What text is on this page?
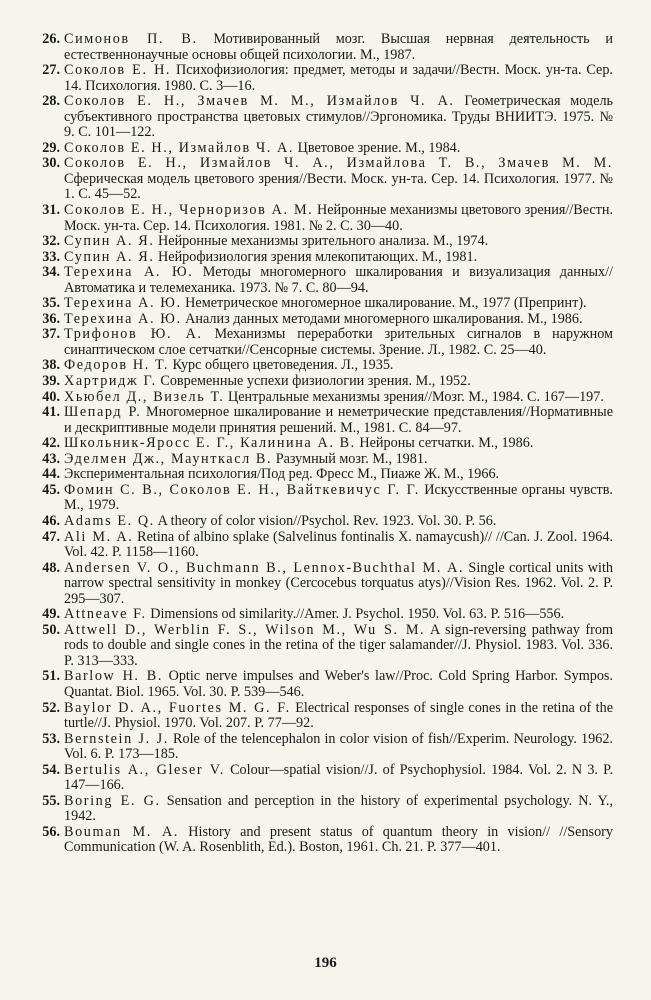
26. Симонов П. В. Мотивированный мозг. Высшая нервная деятельность и естественнонаучные основы общей психологии. М., 1987.
27. Соколов Е. Н. Психофизиология: предмет, методы и задачи//Вестн. Моск. ун-та. Сер. 14. Психология. 1980. С. 3—16.
28. Соколов Е. Н., Змачев М. М., Измайлов Ч. А. Геометрическая модель субъективного пространства цветовых стимулов//Эргономика. Труды ВНИИТЭ. 1975. № 9. С. 101—122.
29. Соколов Е. Н., Измайлов Ч. А. Цветовое зрение. М., 1984.
30. Соколов Е. Н., Измайлов Ч. А., Измайлова Т. В., Змачев М. М. Сферическая модель цветового зрения//Вести. Моск. ун-та. Сер. 14. Психология. 1977. № 1. С. 45—52.
31. Соколов Е. Н., Черноризов А. М. Нейронные механизмы цветового зрения//Вестн. Моск. ун-та. Сер. 14. Психология. 1981. № 2. С. 30—40.
32. Супин А. Я. Нейронные механизмы зрительного анализа. М., 1974.
33. Супин А. Я. Нейрофизиология зрения млекопитающих. М., 1981.
34. Терехина А. Ю. Методы многомерного шкалирования и визуализация данных//Автоматика и телемеханика. 1973. № 7. С. 80—94.
35. Терехина А. Ю. Неметрическое многомерное шкалирование. М., 1977 (Препринт).
36. Терехина А. Ю. Анализ данных методами многомерного шкалирования. М., 1986.
37. Трифонов Ю. А. Механизмы переработки зрительных сигналов в наружном синаптическом слое сетчатки//Сенсорные системы. Зрение. Л., 1982. С. 25—40.
38. Федоров Н. Т. Курс общего цветоведения. Л., 1935.
39. Хартридж Г. Современные успехи физиологии зрения. М., 1952.
40. Хьюбел Д., Визель Т. Центральные механизмы зрения//Мозг. М., 1984. С. 167—197.
41. Шепард Р. Многомерное шкалирование и неметрические представления//Нормативные и дескриптивные модели принятия решений. М., 1981. С. 84—97.
42. Школьник-Яросс Е. Г., Калинина А. В. Нейроны сетчатки. М., 1986.
43. Эделмен Дж., Маунткасл В. Разумный мозг. М., 1981.
44. Экспериментальная психология/Под ред. Фресс М., Пиаже Ж. М., 1966.
45. Фомин С. В., Соколов Е. Н., Вайткевичус Г. Г. Искусственные органы чувств. М., 1979.
46. Adams E. Q. A theory of color vision//Psychol. Rev. 1923. Vol. 30. P. 56.
47. Ali M. A. Retina of albino splake (Salvelinus fontinalis X. namaycush)// //Can. J. Zool. 1964. Vol. 42. P. 1158—1160.
48. Andersen V. O., Buchmann B., Lennox-Buchthal M. A. Single cortical units with narrow spectral sensitivity in monkey (Cercocebus torquatus atys)//Vision Res. 1962. Vol. 2. P. 295—307.
49. Attneave F. Dimensions od similarity.//Amer. J. Psychol. 1950. Vol. 63. P. 516—556.
50. Attwell D., Werblin F. S., Wilson M., Wu S. M. A sign-reversing pathway from rods to double and single cones in the retina of the tiger salamander//J. Physiol. 1983. Vol. 336. P. 313—333.
51. Barlow H. B. Optic nerve impulses and Weber's law//Proc. Cold Spring Harbor. Sympos. Quantat. Biol. 1965. Vol. 30. P. 539—546.
52. Baylor D. A., Fuortes M. G. F. Electrical responses of single cones in the retina of the turtle//J. Physiol. 1970. Vol. 207. P. 77—92.
53. Bernstein J. J. Role of the telencephalon in color vision of fish//Experim. Neurology. 1962. Vol. 6. P. 173—185.
54. Bertulis A., Gleser V. Colour—spatial vision//J. of Psychophysiol. 1984. Vol. 2. N 3. P. 147—166.
55. Boring E. G. Sensation and perception in the history of experimental psychology. N. Y., 1942.
56. Bouman M. A. History and present status of quantum theory in vision// //Sensory Communication (W. A. Rosenblith, Ed.). Boston, 1961. Ch. 21. P. 377—401.
196
